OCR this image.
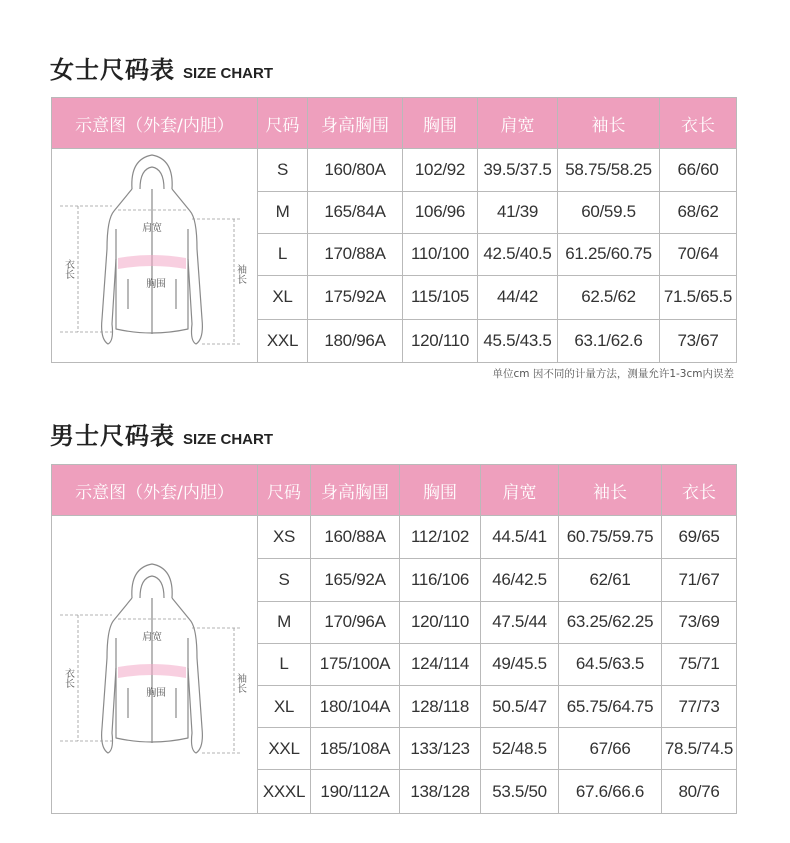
女士尺码表 SIZE CHART
示意图（外套/内胆）	尺码	身高胸围	胸围	肩宽	袖长	衣长

肩宽
胸围
衣长 袖长	S	160/80A	102/92	39.5/37.5	58.75/58.25	66/60
	M	165/84A	106/96	41/39	60/59.5	68/62
	L	170/88A	110/100	42.5/40.5	61.25/60.75	70/64
	XL	175/92A	115/105	44/42	62.5/62	71.5/65.5
	XXL	180/96A	120/110	45.5/43.5	63.1/62.6	73/67
单位cm 因不同的计量方法，测量允许1-3cm内误差
男士尺码表 SIZE CHART
示意图（外套/内胆）	尺码	身高胸围	胸围	肩宽	袖长	衣长

肩宽
胸围
衣长 袖长	XS	160/88A	112/102	44.5/41	60.75/59.75	69/65
	S	165/92A	116/106	46/42.5	62/61	71/67
	M	170/96A	120/110	47.5/44	63.25/62.25	73/69
	L	175/100A	124/114	49/45.5	64.5/63.5	75/71
	XL	180/104A	128/118	50.5/47	65.75/64.75	77/73
	XXL	185/108A	133/123	52/48.5	67/66	78.5/74.5
	XXXL	190/112A	138/128	53.5/50	67.6/66.6	80/76
